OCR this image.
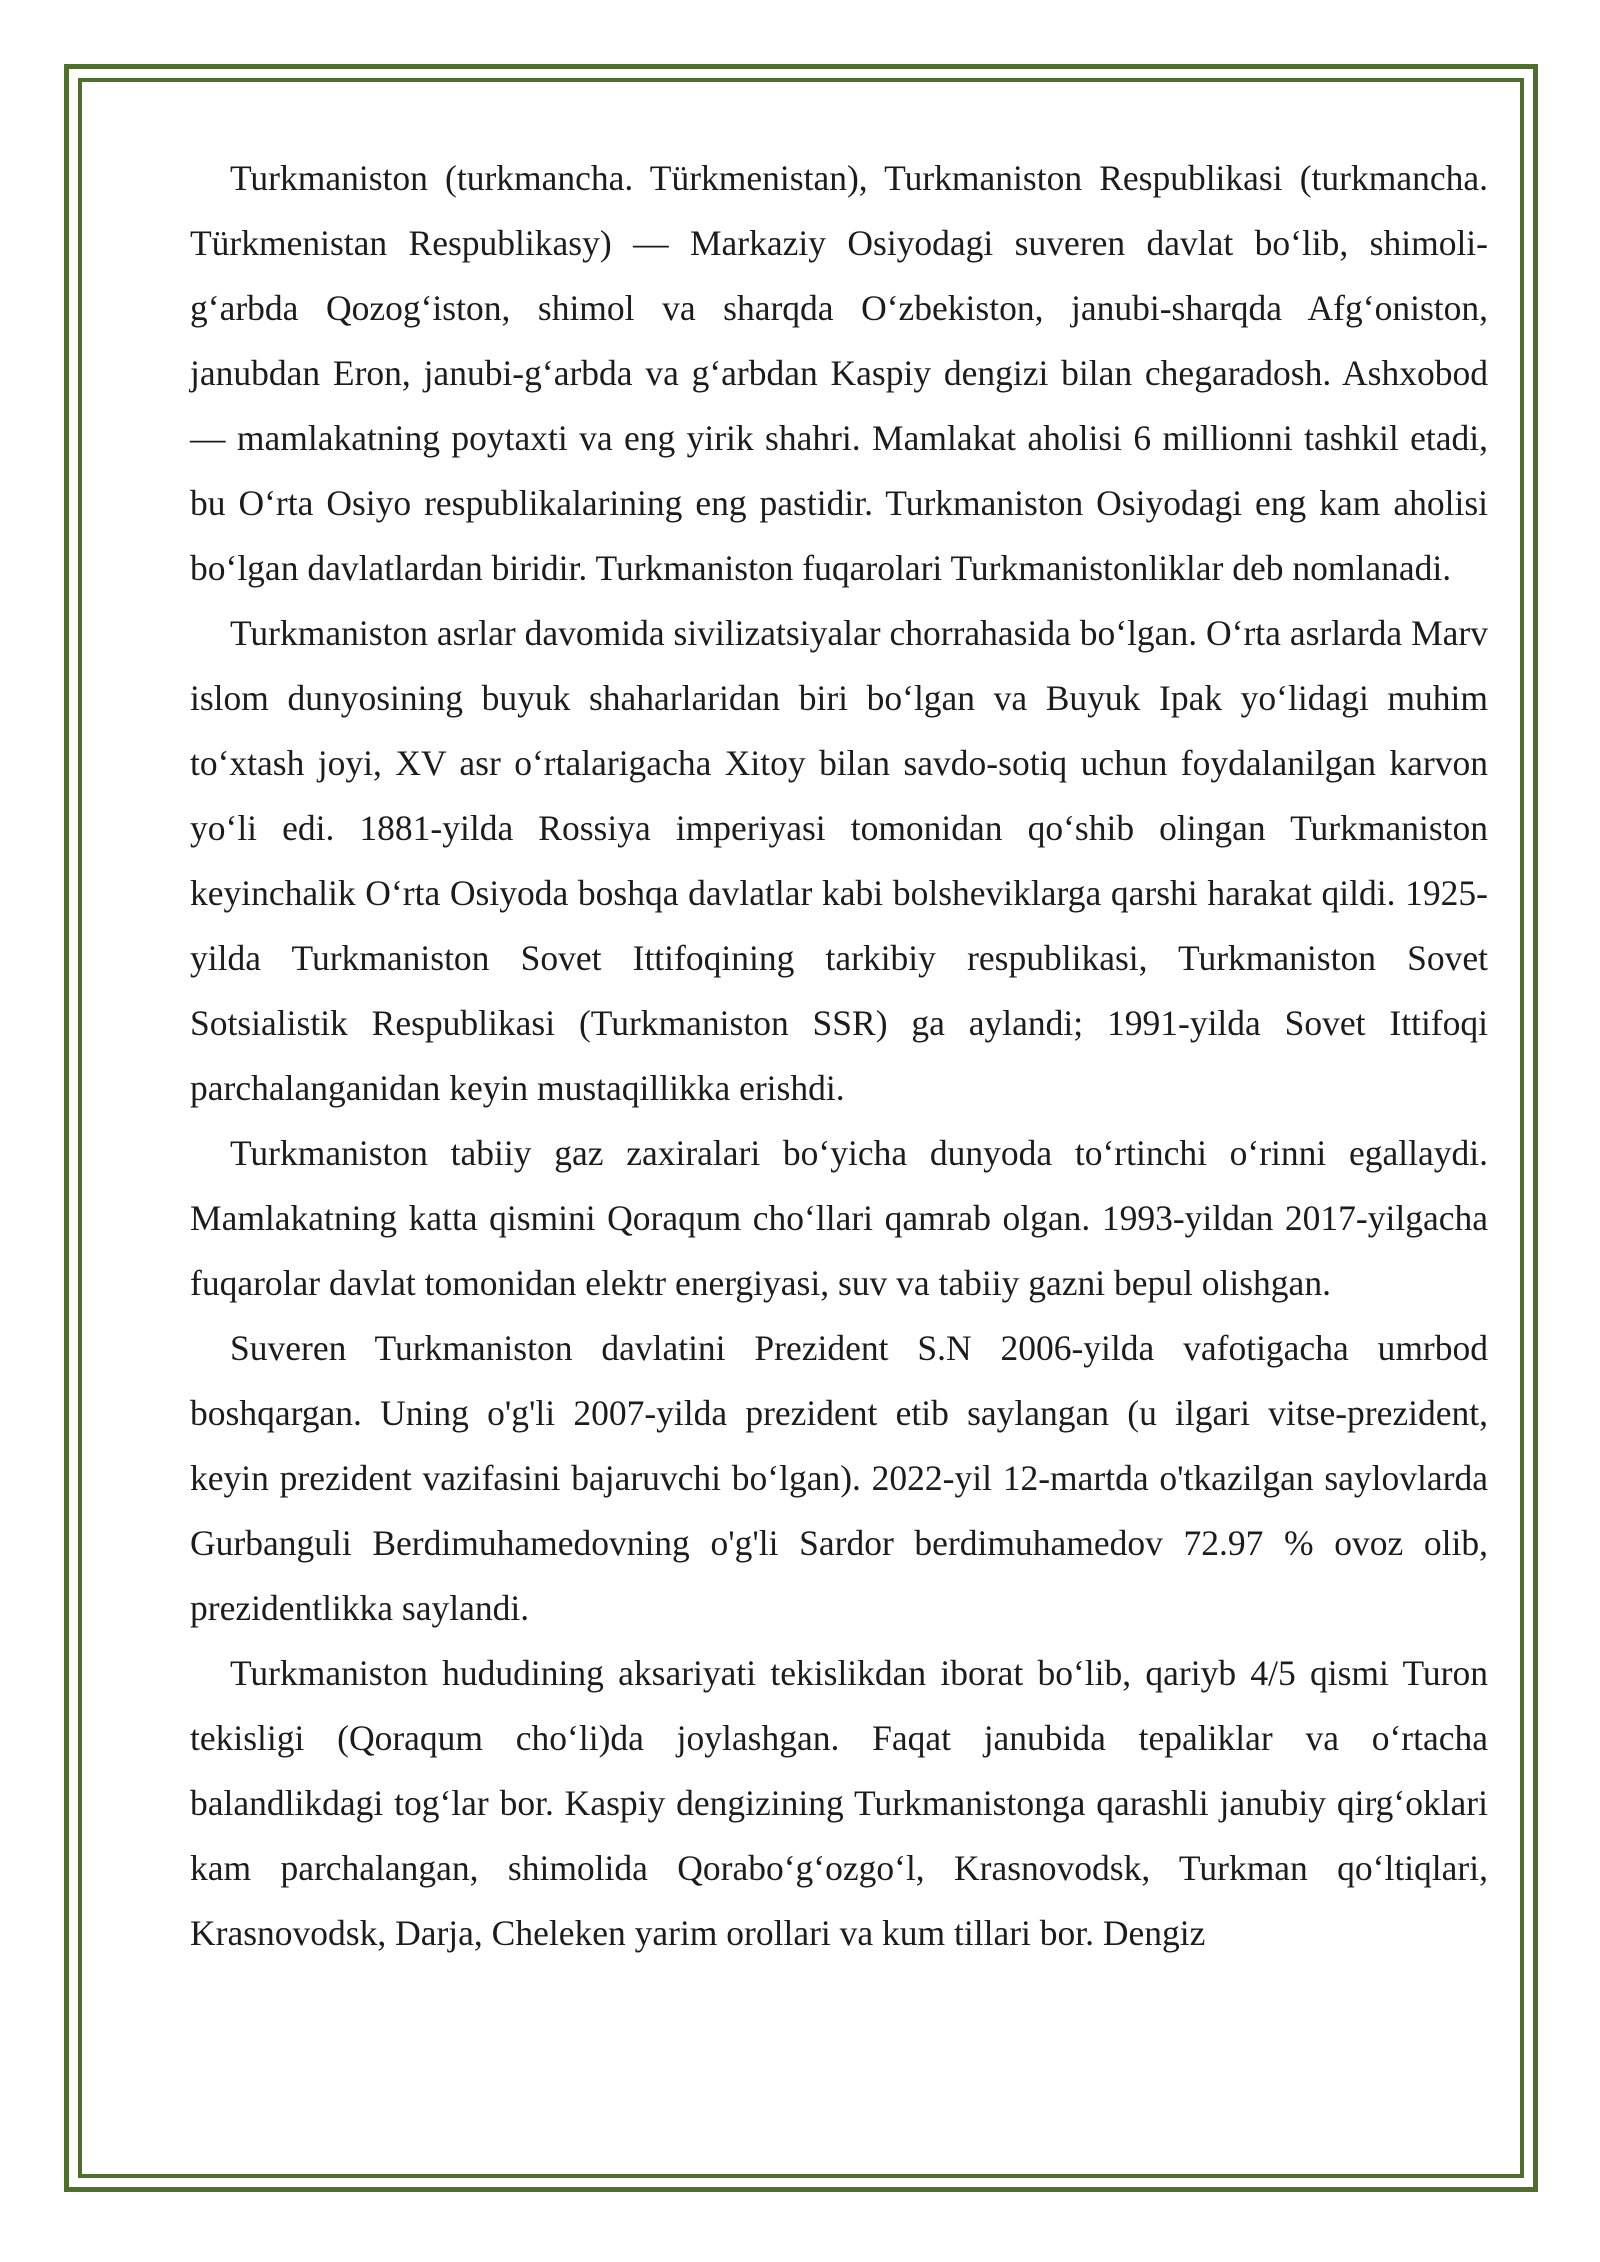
Turkmaniston (turkmancha. Türkmenistan), Turkmaniston Respublikasi (turkmancha. Türkmenistan Respublikasy) — Markaziy Osiyodagi suveren davlat boʻlib, shimoli-gʻarbda Qozogʻiston, shimol va sharqda Oʻzbekiston, janubi-sharqda Afgʻoniston, janubdan Eron, janubi-gʻarbda va gʻarbdan Kaspiy dengizi bilan chegaradosh. Ashxobod — mamlakatning poytaxti va eng yirik shahri. Mamlakat aholisi 6 millionni tashkil etadi, bu Oʻrta Osiyo respublikalarining eng pastidir. Turkmaniston Osiyodagi eng kam aholisi boʻlgan davlatlardan biridir. Turkmaniston fuqarolari Turkmanistonliklar deb nomlanadi.

Turkmaniston asrlar davomida sivilizatsiyalar chorrahasida boʻlgan. Oʻrta asrlarda Marv islom dunyosining buyuk shaharlaridan biri boʻlgan va Buyuk Ipak yoʻlidagi muhim toʻxtash joyi, XV asr oʻrtalarigacha Xitoy bilan savdo-sotiq uchun foydalanilgan karvon yoʻli edi. 1881-yilda Rossiya imperiyasi tomonidan qoʻshib olingan Turkmaniston keyinchalik Oʻrta Osiyoda boshqa davlatlar kabi bolsheviklarga qarshi harakat qildi. 1925-yilda Turkmaniston Sovet Ittifoqining tarkibiy respublikasi, Turkmaniston Sovet Sotsialistik Respublikasi (Turkmaniston SSR) ga aylandi; 1991-yilda Sovet Ittifoqi parchalanganidan keyin mustaqillikka erishdi.

Turkmaniston tabiiy gaz zaxiralari boʻyicha dunyoda toʻrtinchi oʻrinni egallaydi. Mamlakatning katta qismini Qoraqum choʻllari qamrab olgan. 1993-yildan 2017-yilgacha fuqarolar davlat tomonidan elektr energiyasi, suv va tabiiy gazni bepul olishgan.

Suveren Turkmaniston davlatini Prezident S.N 2006-yilda vafotigacha umrbod boshqargan. Uning o'g'li 2007-yilda prezident etib saylangan (u ilgari vitse-prezident, keyin prezident vazifasini bajaruvchi boʻlgan). 2022-yil 12-martda o'tkazilgan saylovlarda Gurbanguli Berdimuhamedovning o'g'li Sardor berdimuhamedov 72.97 % ovoz olib, prezidentlikka saylandi.

Turkmaniston hududining aksariyati tekislikdan iborat boʻlib, qariyb 4/5 qismi Turon tekisligi (Qoraqum choʻli)da joylashgan. Faqat janubida tepaliklar va oʻrtacha balandlikdagi togʻlar bor. Kaspiy dengizining Turkmanistonga qarashli janubiy qirgʻoklari kam parchalangan, shimolida Qoraboʻgʻozgoʻl, Krasnovodsk, Turkman qoʻltiqlari, Krasnovodsk, Darja, Cheleken yarim orollari va kum tillari bor. Dengiz
